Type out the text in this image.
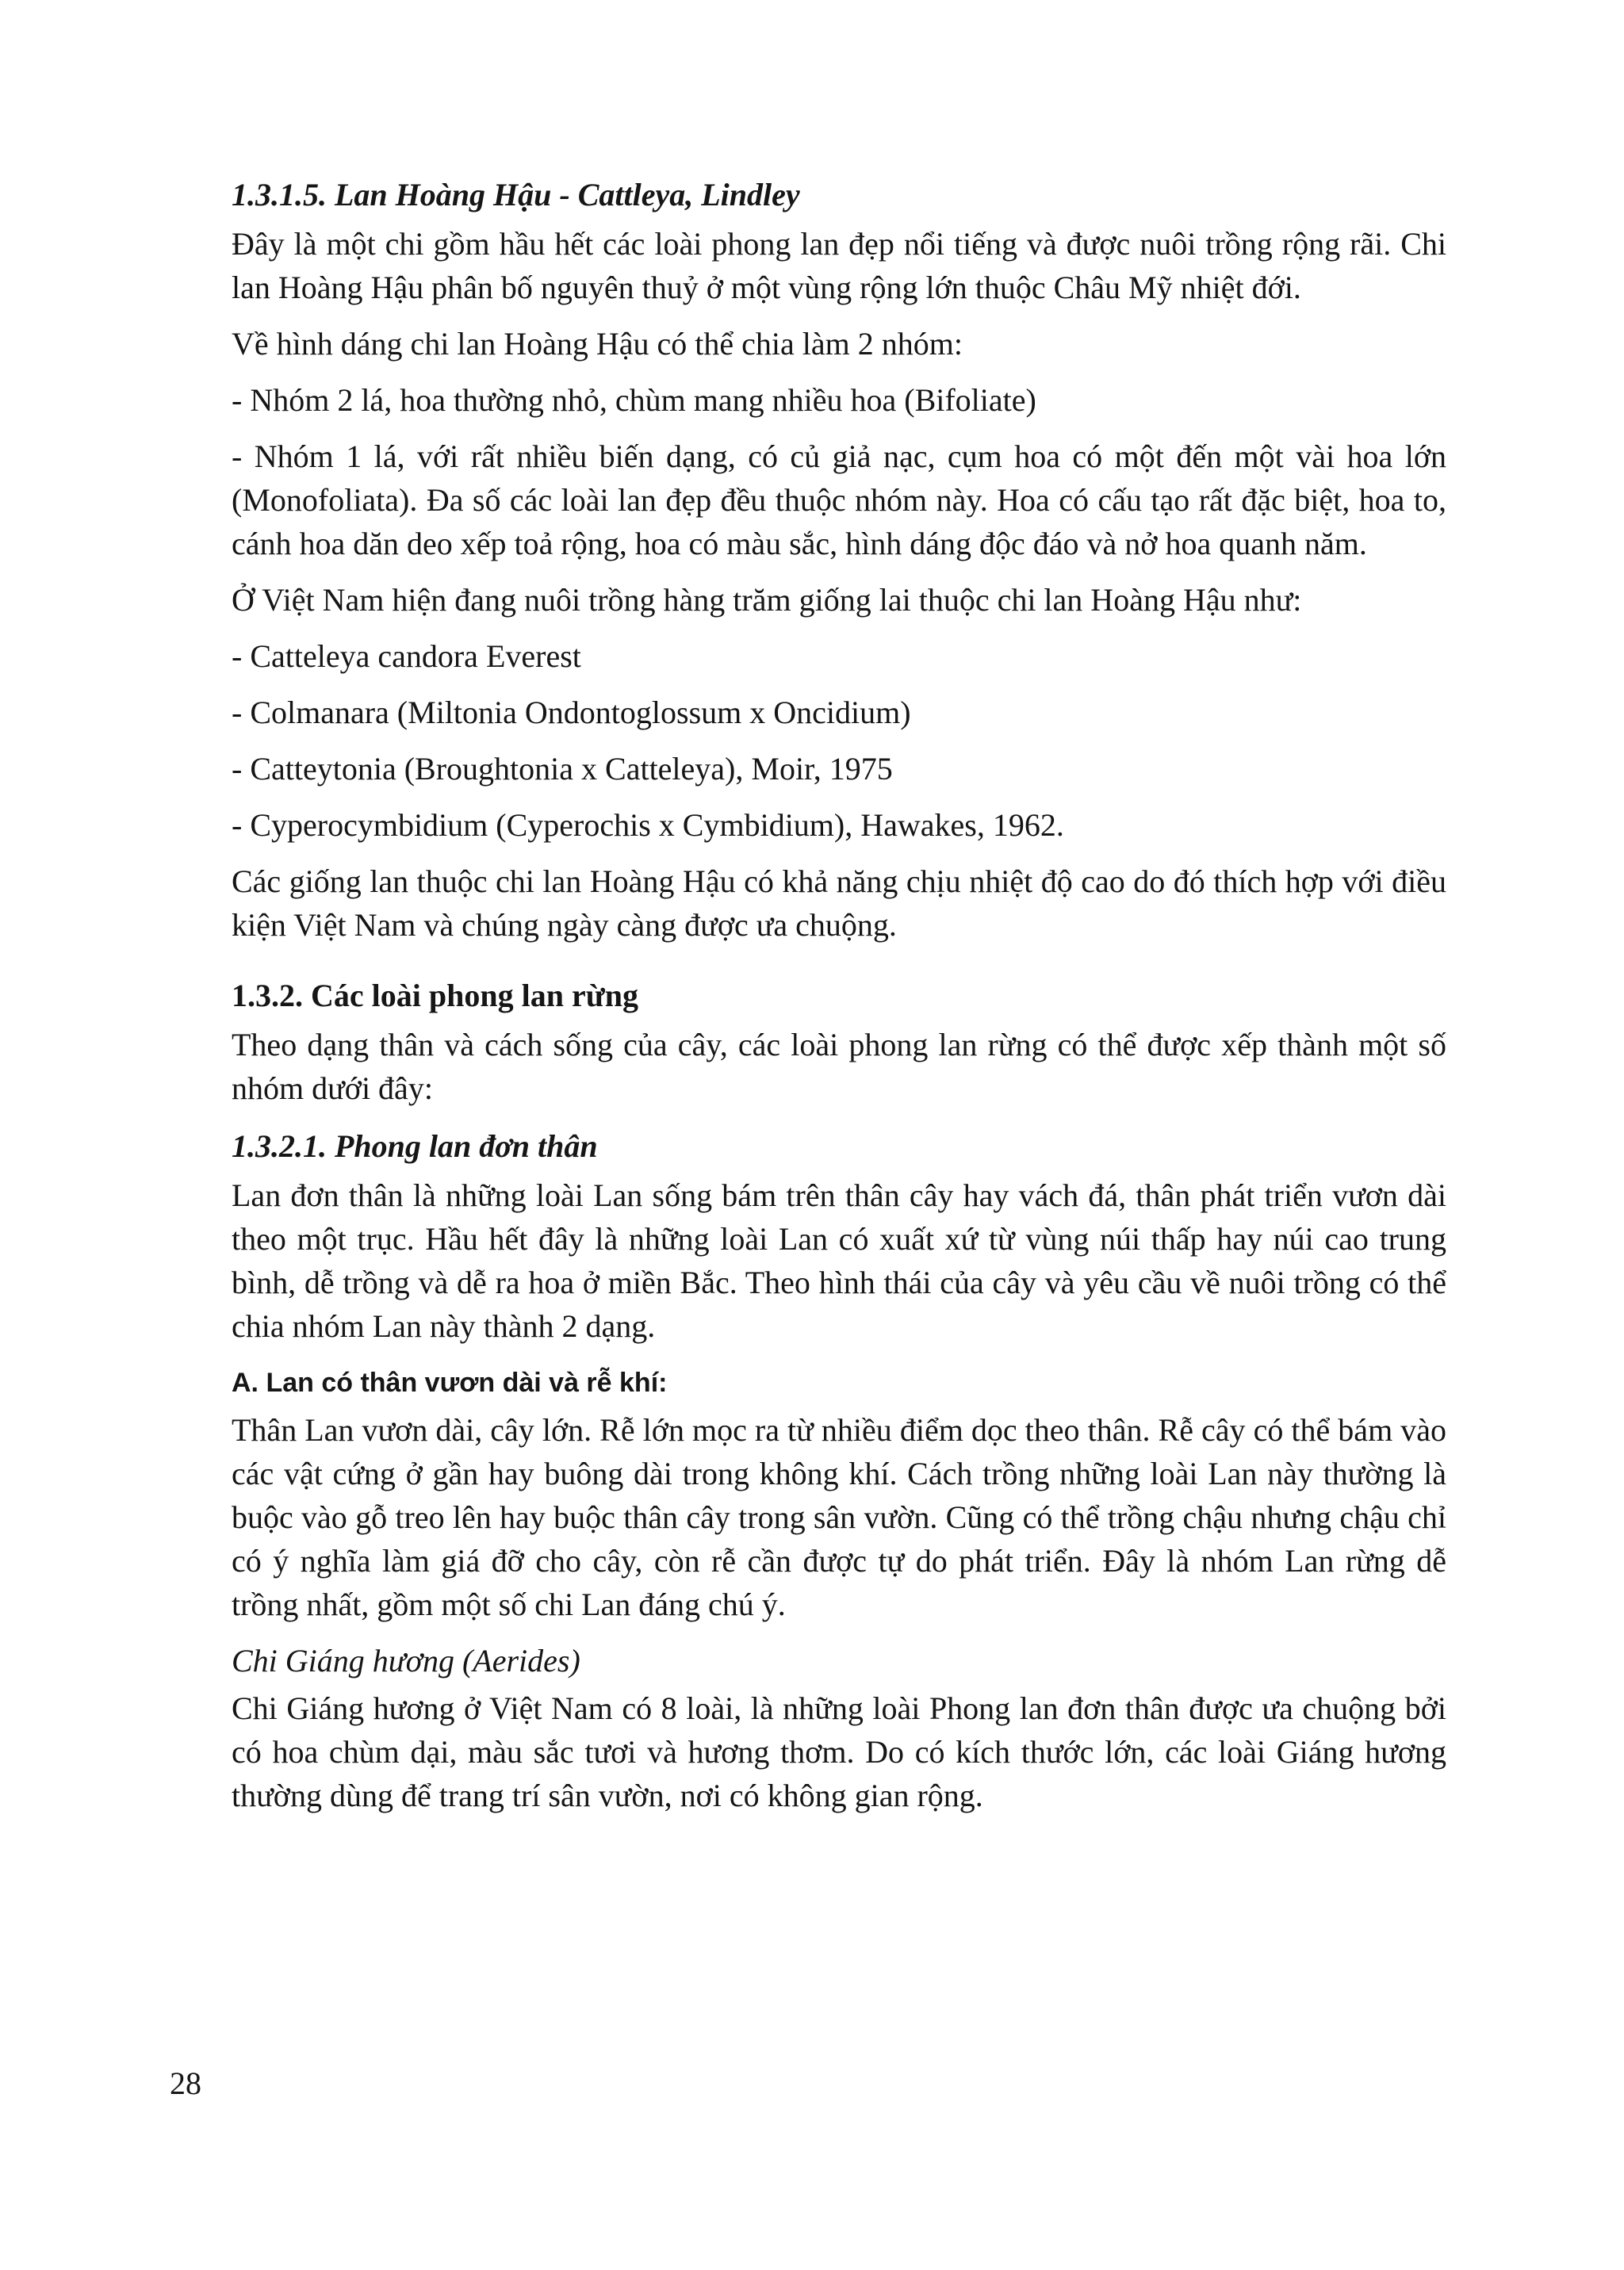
1.3.1.5. Lan Hoàng Hậu - Cattleya, Lindley

Đây là một chi gồm hầu hết các loài phong lan đẹp nổi tiếng và được nuôi trồng rộng rãi. Chi lan Hoàng Hậu phân bố nguyên thuỷ ở một vùng rộng lớn thuộc Châu Mỹ nhiệt đới.

Về hình dáng chi lan Hoàng Hậu có thể chia làm 2 nhóm:

- Nhóm 2 lá, hoa thường nhỏ, chùm mang nhiều hoa (Bifoliate)

- Nhóm 1 lá, với rất nhiều biến dạng, có củ giả nạc, cụm hoa có một đến một vài hoa lớn (Monofoliata). Đa số các loài lan đẹp đều thuộc nhóm này. Hoa có cấu tạo rất đặc biệt, hoa to, cánh hoa dăn deo xếp toả rộng, hoa có màu sắc, hình dáng độc đáo và nở hoa quanh năm.

Ở Việt Nam hiện đang nuôi trồng hàng trăm giống lai thuộc chi lan Hoàng Hậu như:

- Catteleya candora Everest
- Colmanara (Miltonia Ondontoglossum x Oncidium)
- Catteytonia (Broughtonia x Catteleya), Moir, 1975
- Cyperocymbidium (Cyperochis x Cymbidium), Hawakes, 1962.

Các giống lan thuộc chi lan Hoàng Hậu có khả năng chịu nhiệt độ cao do đó thích hợp với điều kiện Việt Nam và chúng ngày càng được ưa chuộng.

1.3.2. Các loài phong lan rừng

Theo dạng thân và cách sống của cây, các loài phong lan rừng có thể được xếp thành một số nhóm dưới đây:

1.3.2.1. Phong lan đơn thân

Lan đơn thân là những loài Lan sống bám trên thân cây hay vách đá, thân phát triển vươn dài theo một trục. Hầu hết đây là những loài Lan có xuất xứ từ vùng núi thấp hay núi cao trung bình, dễ trồng và dễ ra hoa ở miền Bắc. Theo hình thái của cây và yêu cầu về nuôi trồng có thể chia nhóm Lan này thành 2 dạng.

A. Lan có thân vươn dài và rễ khí:

Thân Lan vươn dài, cây lớn. Rễ lớn mọc ra từ nhiều điểm dọc theo thân. Rễ cây có thể bám vào các vật cứng ở gần hay buông dài trong không khí. Cách trồng những loài Lan này thường là buộc vào gỗ treo lên hay buộc thân cây trong sân vườn. Cũng có thể trồng chậu nhưng chậu chỉ có ý nghĩa làm giá đỡ cho cây, còn rễ cần được tự do phát triển. Đây là nhóm Lan rừng dễ trồng nhất, gồm một số chi Lan đáng chú ý.

Chi Giáng hương (Aerides)

Chi Giáng hương ở Việt Nam có 8 loài, là những loài Phong lan đơn thân được ưa chuộng bởi có hoa chùm dại, màu sắc tươi và hương thơm. Do có kích thước lớn, các loài Giáng hương thường dùng để trang trí sân vườn, nơi có không gian rộng.

28
